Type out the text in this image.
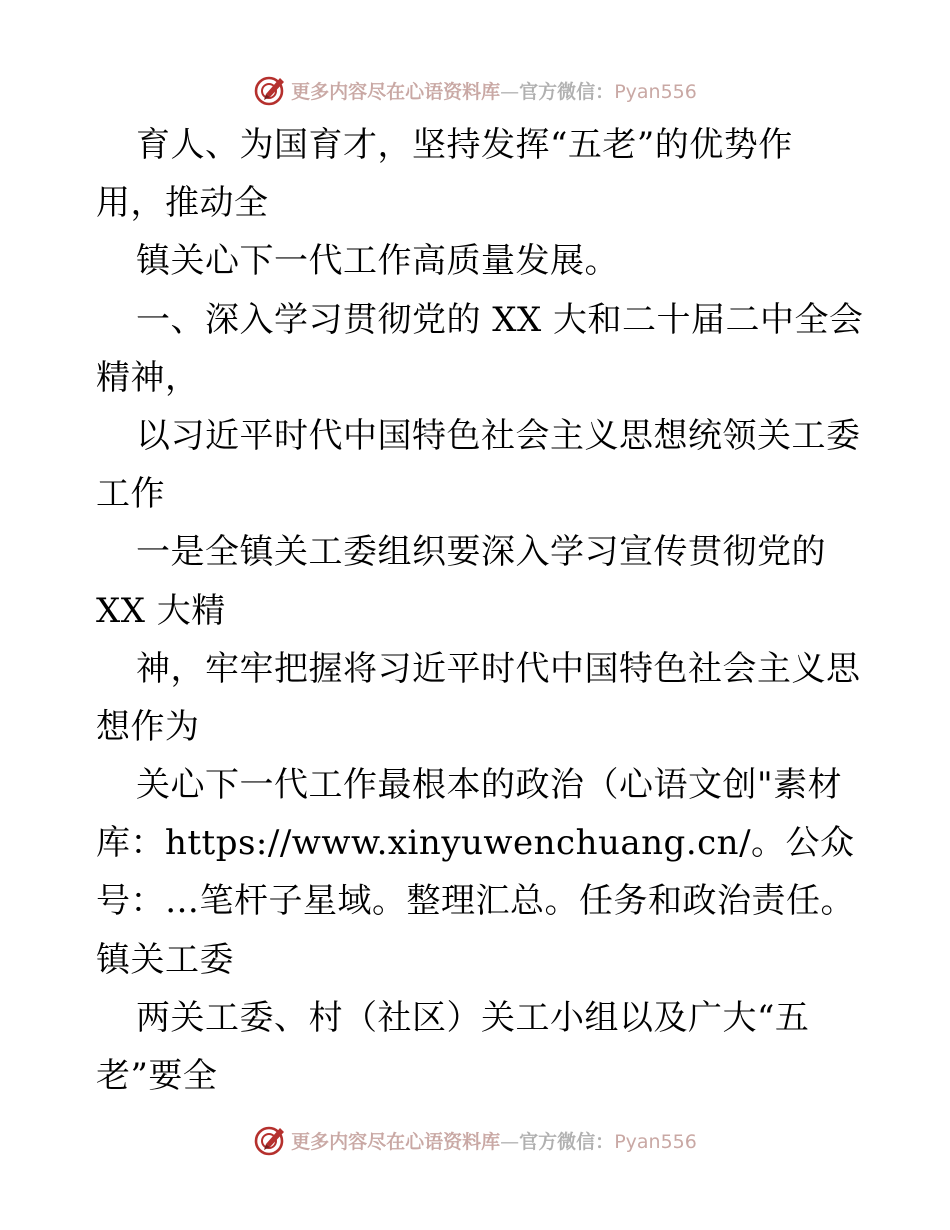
更多内容尽在心语资料库—官方微信：Pyan556
育人、为国育才，坚持发挥“五老”的优势作
用，推动全
镇关心下一代工作高质量发展。
一、深入学习贯彻党的 XX 大和二十届二中全会
精神，
以习近平时代中国特色社会主义思想统领关工委
工作
一是全镇关工委组织要深入学习宣传贯彻党的
XX 大精
神，牢牢把握将习近平时代中国特色社会主义思
想作为
关心下一代工作最根本的政治（心语文创"素材
库：https://www.xinyuwenchuang.cn/。公众
号：…笔杆子星域。整理汇总。任务和政治责任。
镇关工委
两关工委、村（社区）关工小组以及广大“五
老”要全
更多内容尽在心语资料库—官方微信：Pyan556
